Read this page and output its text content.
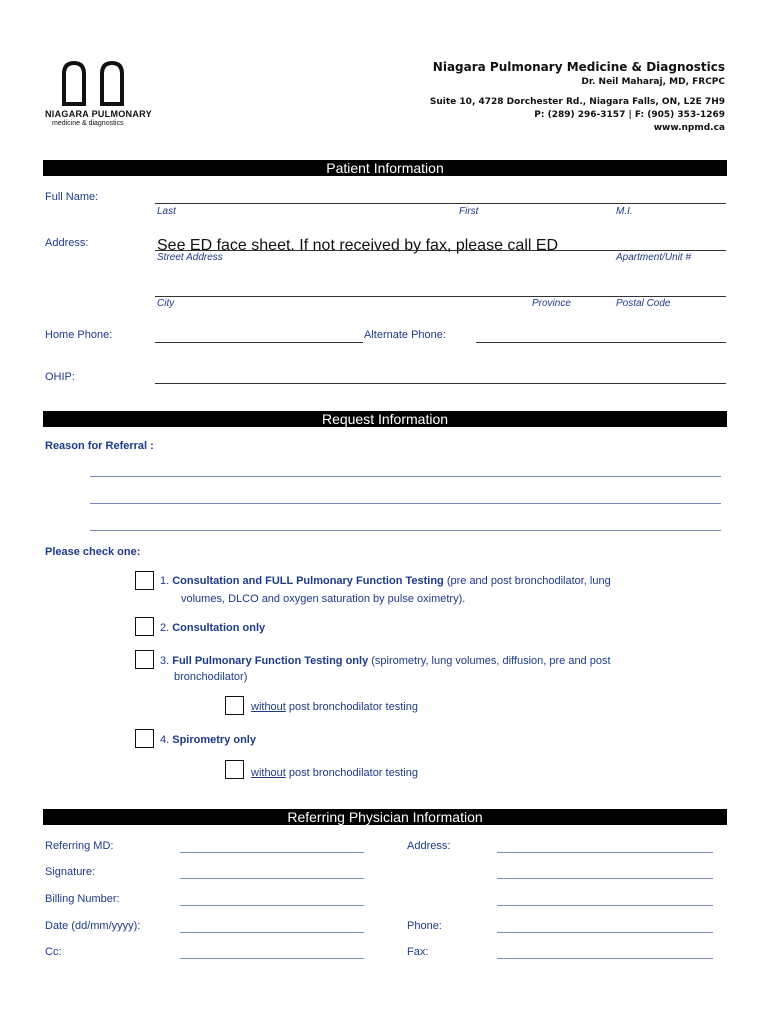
NIAGARA PULMONARY
medicine & diagnostics
Niagara Pulmonary Medicine & Diagnostics
Dr. Neil Maharaj, MD, FRCPC
Suite 10, 4728 Dorchester Rd., Niagara Falls, ON, L2E 7H9
P: (289) 296-3157 | F: (905) 353-1269
www.npmd.ca
Patient Information
Full Name:
Last	First	M.I.
Address:	See ED face sheet. If not received by fax, please call ED
Street Address	Apartment/Unit #
City	Province	Postal Code
Home Phone:	Alternate Phone:
OHIP:
Request Information
Reason for Referral :
Please check one:
1. Consultation and FULL Pulmonary Function Testing (pre and post bronchodilator, lung
volumes, DLCO and oxygen saturation by pulse oximetry).
2. Consultation only
3. Full Pulmonary Function Testing only (spirometry, lung volumes, diffusion, pre and post
bronchodilator)
without post bronchodilator testing
4. Spirometry only
without post bronchodilator testing
Referring Physician Information
Referring MD:	Address:
Signature:
Billing Number:
Date (dd/mm/yyyy):	Phone:
Cc:	Fax:
